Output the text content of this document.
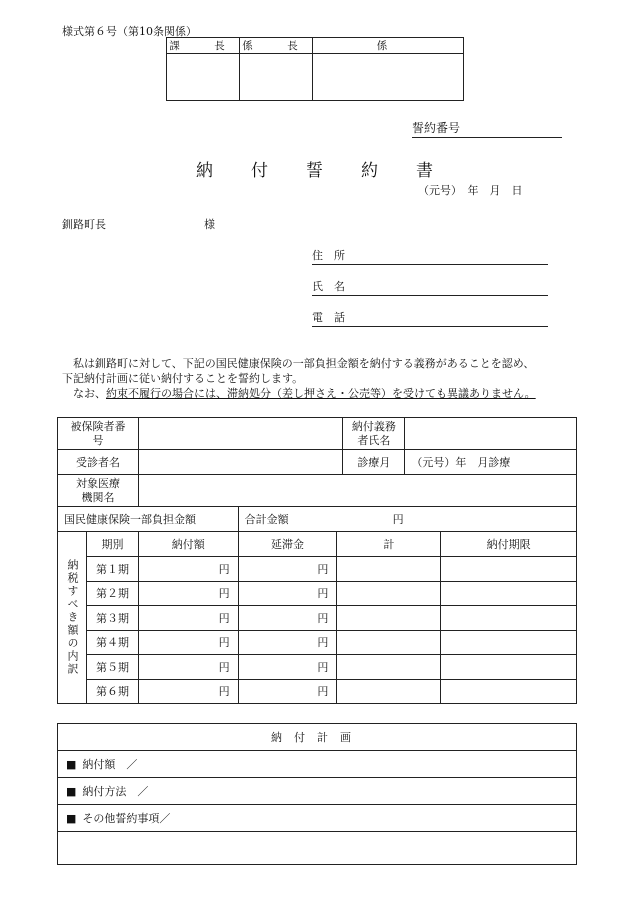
様式第６号（第10条関係）
課　長	係　長	係

誓約番号
納付誓約書
（元号）　年　月　日
釧路町長	様
住　所
氏　名
電　話

私は釧路町に対して、下記の国民健康保険の一部負担金額を納付する義務があることを認め、

下記納付計画に従い納付することを誓約します。

なお、約束不履行の場合には、滞納処分（差し押さえ・公売等）を受けても異議ありません。

被保険者番号					納付義務者氏名		

受診者名					診療月	（元号）年　月診療	

対象医療機関名							

国民健康保険一部負担金額			合計金額 円				
納税すべき額の内訳	期別	納付額	延滞金	計			納付期限
	第１期	円	円				
	第２期	円	円				
	第３期	円	円				
	第４期	円	円				
	第５期	円	円				
	第６期	円	円				
納付計画
■ 納付額　／
■ 納付方法　／
■ その他誓約事項／
